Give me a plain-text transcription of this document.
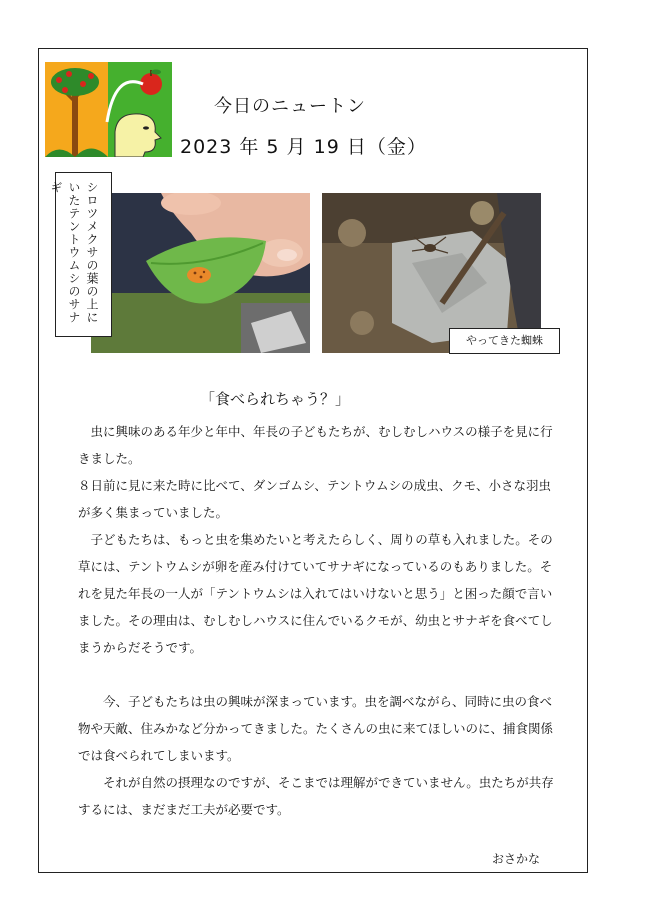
今日のニュートン
2023 年 5 月 19 日（金）
シロツメクサの葉の上にいたテントウムシのサナギ
やってきた蜘蛛
「食べられちゃう？」

　虫に興味のある年少と年中、年長の子どもたちが、むしむしハウスの様子を見に行きました。

８日前に見に来た時に比べて、ダンゴムシ、テントウムシの成虫、クモ、小さな羽虫が多く集まっていました。

　子どもたちは、もっと虫を集めたいと考えたらしく、周りの草も入れました。その草には、テントウムシが卵を産み付けていてサナギになっているのもありました。それを見た年長の一人が「テントウムシは入れてはいけないと思う」と困った顔で言いました。その理由は、むしむしハウスに住んでいるクモが、幼虫とサナギを食べてしまうからだそうです。

　　今、子どもたちは虫の興味が深まっています。虫を調べながら、同時に虫の食べ物や天敵、住みかなど分かってきました。たくさんの虫に来てほしいのに、捕食関係では食べられてしまいます。

　　それが自然の摂理なのですが、そこまでは理解ができていません。虫たちが共存するには、まだまだ工夫が必要です。

おさかな
